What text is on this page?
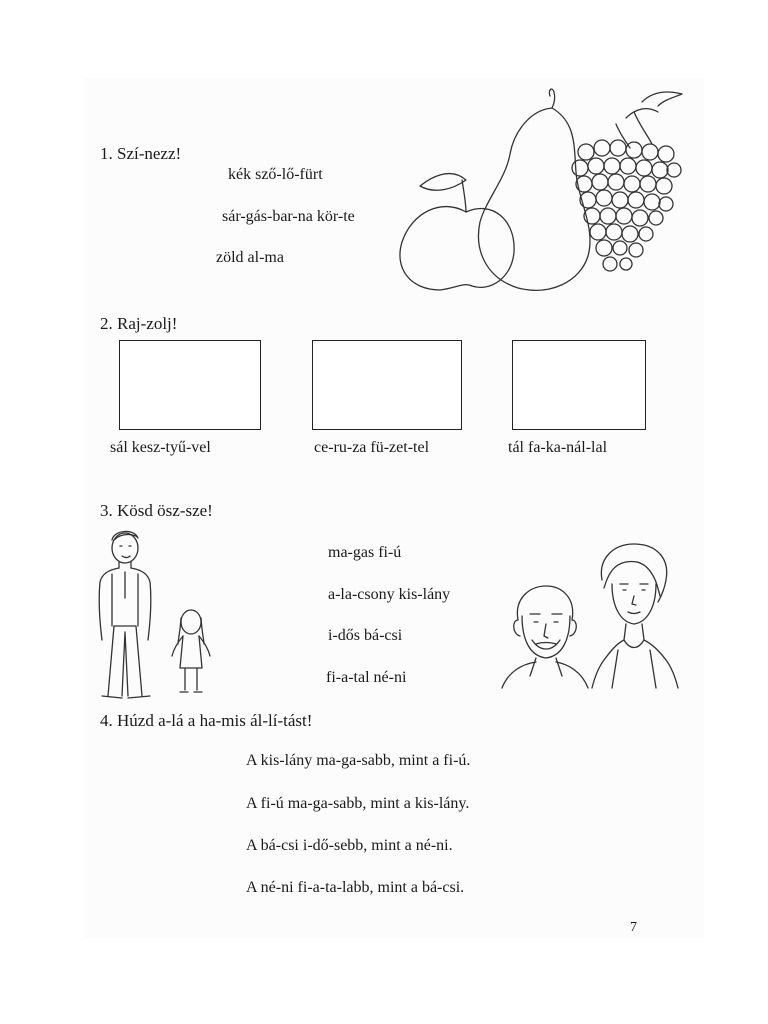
1. Szí-nezz!
kék sző-lő-fürt
sár-gás-bar-na kör-te
zöld al-ma
2. Raj-zolj!
sál kesz-tyű-vel	ce-ru-za fü-zet-tel	tál fa-ka-nál-lal
3. Kösd ösz-sze!
ma-gas fi-ú
a-la-csony kis-lány
i-dős bá-csi
fi-a-tal né-ni
4. Húzd a-lá a ha-mis ál-lí-tást!
A kis-lány ma-ga-sabb, mint a fi-ú.
A fi-ú ma-ga-sabb, mint a kis-lány.
A bá-csi i-dő-sebb, mint a né-ni.
A né-ni fi-a-ta-labb, mint a bá-csi.
7
